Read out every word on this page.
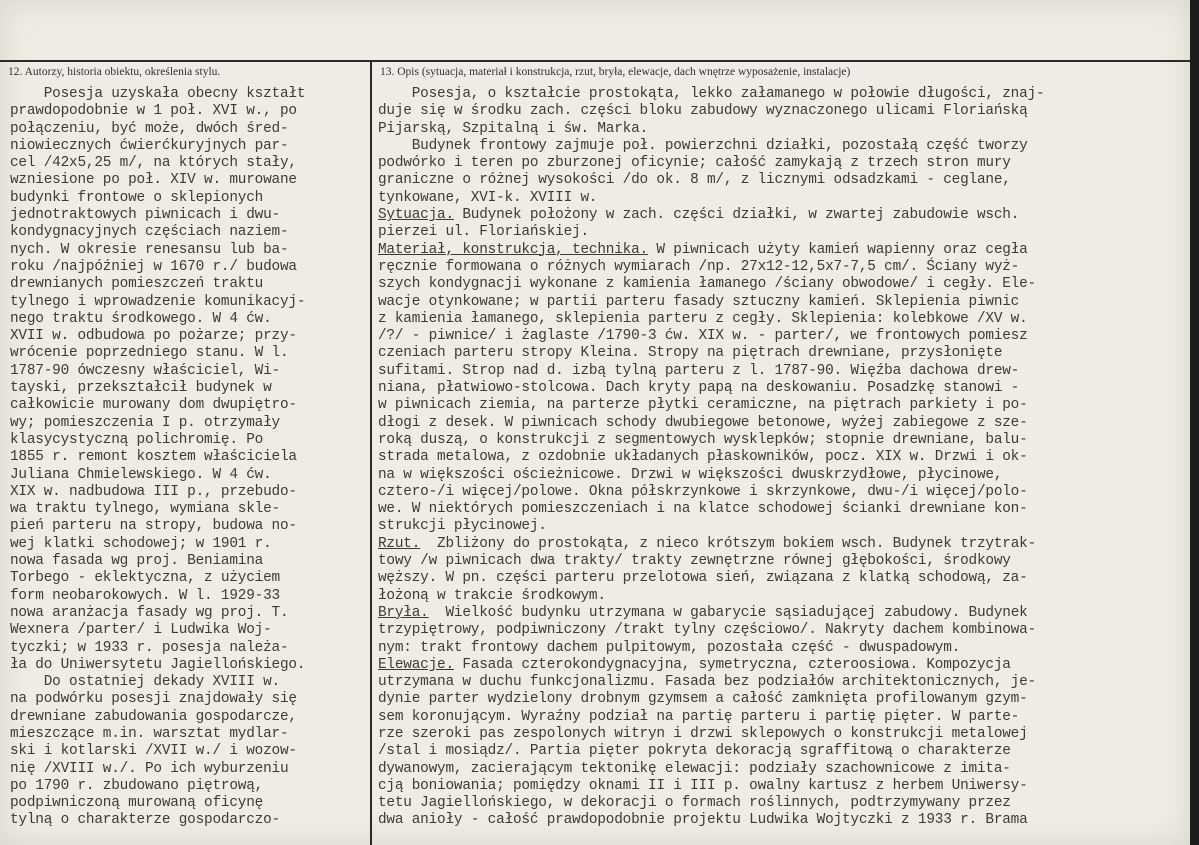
12. Autorzy, historia obiektu, określenia stylu.	13. Opis (sytuacja, materiał i konstrukcja, rzut, bryła, elewacje, dach wnętrze wyposażenie, instalacje)
Posesja uzyskała obecny kształt
prawdopodobnie w 1 poł. XVI w., po
połączeniu, być może, dwóch śred-
niowiecznych ćwierćkuryjnych par-
cel /42x5,25 m/, na których stały,
wzniesione po poł. XIV w. murowane
budynki frontowe o sklepionych
jednotraktowych piwnicach i dwu-
kondygnacyjnych częściach naziem-
nych. W okresie renesansu lub ba-
roku /najpóźniej w 1670 r./ budowa
drewnianych pomieszczeń traktu
tylnego i wprowadzenie komunikacyj-
nego traktu środkowego. W 4 ćw.
XVII w. odbudowa po pożarze; przy-
wrócenie poprzedniego stanu. W l.
1787-90 ówczesny właściciel, Wi-
tayski, przekształcił budynek w
całkowicie murowany dom dwupiętro-
wy; pomieszczenia I p. otrzymały
klasycystyczną polichromię. Po
1855 r. remont kosztem właściciela
Juliana Chmielewskiego. W 4 ćw.
XIX w. nadbudowa III p., przebudo-
wa traktu tylnego, wymiana skle-
pień parteru na stropy, budowa no-
wej klatki schodowej; w 1901 r.
nowa fasada wg proj. Beniamina
Torbego - eklektyczna, z użyciem
form neobarokowych. W l. 1929-33
nowa aranżacja fasady wg proj. T.
Wexnera /parter/ i Ludwika Woj-
tyczki; w 1933 r. posesja należa-
ła do Uniwersytetu Jagiellońskiego.
Do ostatniej dekady XVIII w.
na podwórku posesji znajdowały się
drewniane zabudowania gospodarcze,
mieszczące m.in. warsztat mydlar-
ski i kotlarski /XVII w./ i wozow-
nię /XVIII w./. Po ich wyburzeniu
po 1790 r. zbudowano piętrową,
podpiwniczoną murowaną oficynę
tylną o charakterze gospodarczo-
Posesja, o kształcie prostokąta, lekko załamanego w połowie długości, znaj-
duje się w środku zach. części bloku zabudowy wyznaczonego ulicami Floriańską
Pijarską, Szpitalną i św. Marka.
Budynek frontowy zajmuje poł. powierzchni działki, pozostałą część tworzy
podwórko i teren po zburzonej oficynie; całość zamykają z trzech stron mury
graniczne o różnej wysokości /do ok. 8 m/, z licznymi odsadzkami - ceglane,
tynkowane, XVI-k. XVIII w.
Sytuacja. Budynek położony w zach. części działki, w zwartej zabudowie wsch.
pierzei ul. Floriańskiej.
Materiał, konstrukcja, technika. W piwnicach użyty kamień wapienny oraz cegła
ręcznie formowana o różnych wymiarach /np. 27x12-12,5x7-7,5 cm/. Ściany wyż-
szych kondygnacji wykonane z kamienia łamanego /ściany obwodowe/ i cegły. Ele-
wacje otynkowane; w partii parteru fasady sztuczny kamień. Sklepienia piwnic
z kamienia łamanego, sklepienia parteru z cegły. Sklepienia: kolebkowe /XV w.
/?/ - piwnice/ i żaglaste /1790-3 ćw. XIX w. - parter/, we frontowych pomiesz
czeniach parteru stropy Kleina. Stropy na piętrach drewniane, przysłonięte
sufitami. Strop nad d. izbą tylną parteru z l. 1787-90. Więźba dachowa drew-
niana, płatwiowo-stolcowa. Dach kryty papą na deskowaniu. Posadzkę stanowi -
w piwnicach ziemia, na parterze płytki ceramiczne, na piętrach parkiety i po-
dłogi z desek. W piwnicach schody dwubiegowe betonowe, wyżej zabiegowe z sze-
roką duszą, o konstrukcji z segmentowych wysklepków; stopnie drewniane, balu-
strada metalowa, z ozdobnie układanych płaskowników, pocz. XIX w. Drzwi i ok-
na w większości ościeżnicowe. Drzwi w większości dwuskrzydłowe, płycinowe,
cztero-/i więcej/polowe. Okna półskrzynkowe i skrzynkowe, dwu-/i więcej/polo-
we. W niektórych pomieszczeniach i na klatce schodowej ścianki drewniane kon-
strukcji płycinowej.
Rzut.  Zbliżony do prostokąta, z nieco krótszym bokiem wsch. Budynek trzytrak-
towy /w piwnicach dwa trakty/ trakty zewnętrzne równej głębokości, środkowy
węższy. W pn. części parteru przelotowa sień, związana z klatką schodową, za-
łożoną w trakcie środkowym.
Bryła.  Wielkość budynku utrzymana w gabarycie sąsiadującej zabudowy. Budynek
trzypiętrowy, podpiwniczony /trakt tylny częściowo/. Nakryty dachem kombinowa-
nym: trakt frontowy dachem pulpitowym, pozostała część - dwuspadowym.
Elewacje. Fasada czterokondygnacyjna, symetryczna, czteroosiowa. Kompozycja
utrzymana w duchu funkcjonalizmu. Fasada bez podziałów architektonicznych, je-
dynie parter wydzielony drobnym gzymsem a całość zamknięta profilowanym gzym-
sem koronującym. Wyraźny podział na partię parteru i partię pięter. W parte-
rze szeroki pas zespolonych witryn i drzwi sklepowych o konstrukcji metalowej
/stal i mosiądz/. Partia pięter pokryta dekoracją sgraffitową o charakterze
dywanowym, zacierającym tektonikę elewacji: podziały szachownicowe z imita-
cją boniowania; pomiędzy oknami II i III p. owalny kartusz z herbem Uniwersy-
tetu Jagiellońskiego, w dekoracji o formach roślinnych, podtrzymywany przez
dwa anioły - całość prawdopodobnie projektu Ludwika Wojtyczki z 1933 r. Brama
